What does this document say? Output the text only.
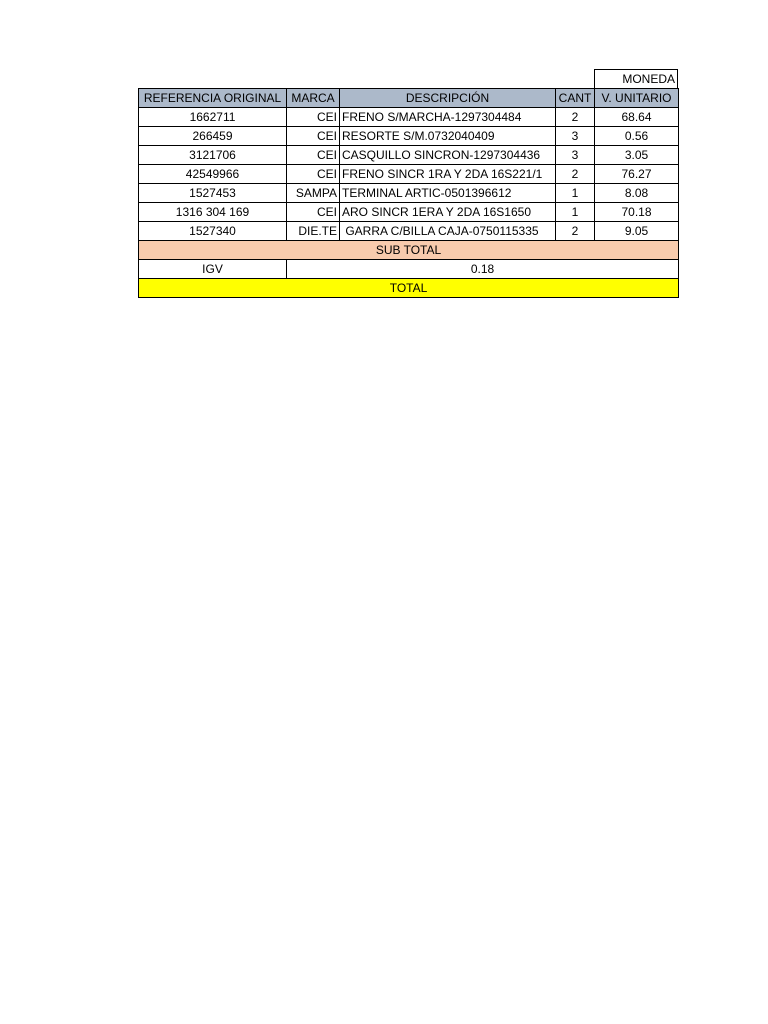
MONEDA
REFERENCIA ORIGINAL	MARCA	DESCRIPCIÓN	CANT	V. UNITARIO
1662711	CEI	FRENO S/MARCHA-1297304484	2	68.64
266459	CEI	RESORTE S/M.0732040409	3	0.56
3121706	CEI	CASQUILLO SINCRON-1297304436	3	3.05
42549966	CEI	FRENO SINCR 1RA Y 2DA 16S221/1	2	76.27
1527453	SAMPA	TERMINAL ARTIC-0501396612	1	8.08
1316 304 169	CEI	ARO SINCR 1ERA Y 2DA 16S1650	1	70.18
1527340	DIE.TE	GARRA C/BILLA CAJA-0750115335	2	9.05
SUB TOTAL				
IGV	0.18			
TOTAL				
